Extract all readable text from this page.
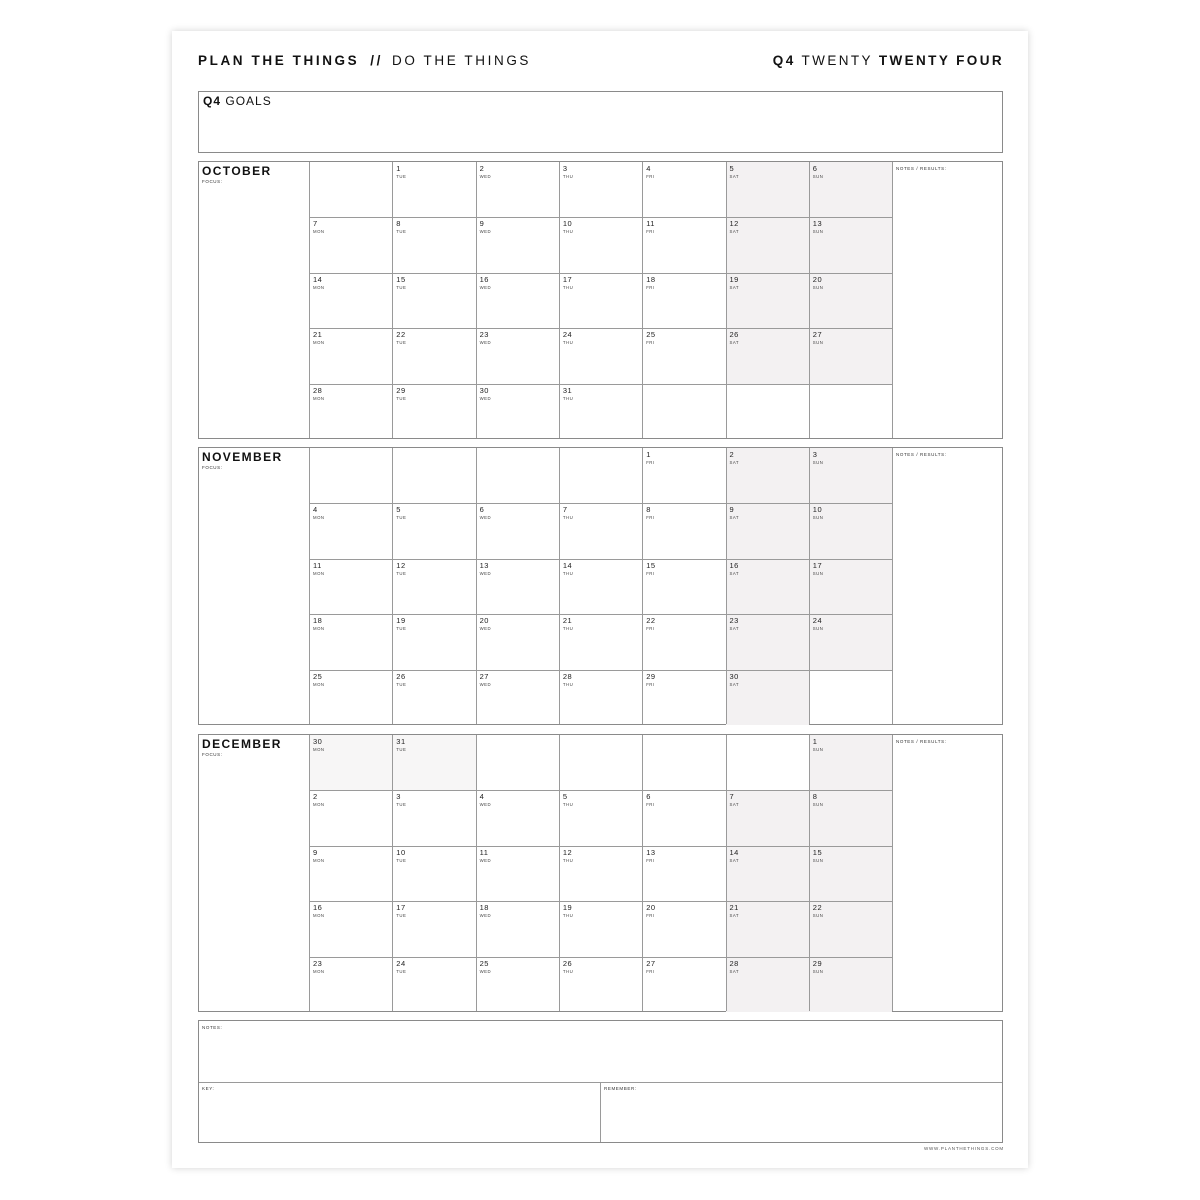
PLAN THE THINGS // DO THE THINGS	Q4 TWENTY TWENTY FOUR
Q4 GOALS
OCTOBER
FOCUS:
1
TUE
2
WED
3
THU
4
FRI
5
SAT
6
SUN
7
MON
8
TUE
9
WED
10
THU
11
FRI
12
SAT
13
SUN
14
MON
15
TUE
16
WED
17
THU
18
FRI
19
SAT
20
SUN
21
MON
22
TUE
23
WED
24
THU
25
FRI
26
SAT
27
SUN
28
MON
29
TUE
30
WED
31
THU
NOTES / RESULTS:
NOVEMBER
FOCUS:
1
FRI
2
SAT
3
SUN
4
MON
5
TUE
6
WED
7
THU
8
FRI
9
SAT
10
SUN
11
MON
12
TUE
13
WED
14
THU
15
FRI
16
SAT
17
SUN
18
MON
19
TUE
20
WED
21
THU
22
FRI
23
SAT
24
SUN
25
MON
26
TUE
27
WED
28
THU
29
FRI
30
SAT
NOTES / RESULTS:
DECEMBER
FOCUS:
30
MON
31
TUE
1
SUN
2
MON
3
TUE
4
WED
5
THU
6
FRI
7
SAT
8
SUN
9
MON
10
TUE
11
WED
12
THU
13
FRI
14
SAT
15
SUN
16
MON
17
TUE
18
WED
19
THU
20
FRI
21
SAT
22
SUN
23
MON
24
TUE
25
WED
26
THU
27
FRI
28
SAT
29
SUN
NOTES / RESULTS:
NOTES:
KEY:	REMEMBER:
WWW.PLANTHETHINGS.COM
